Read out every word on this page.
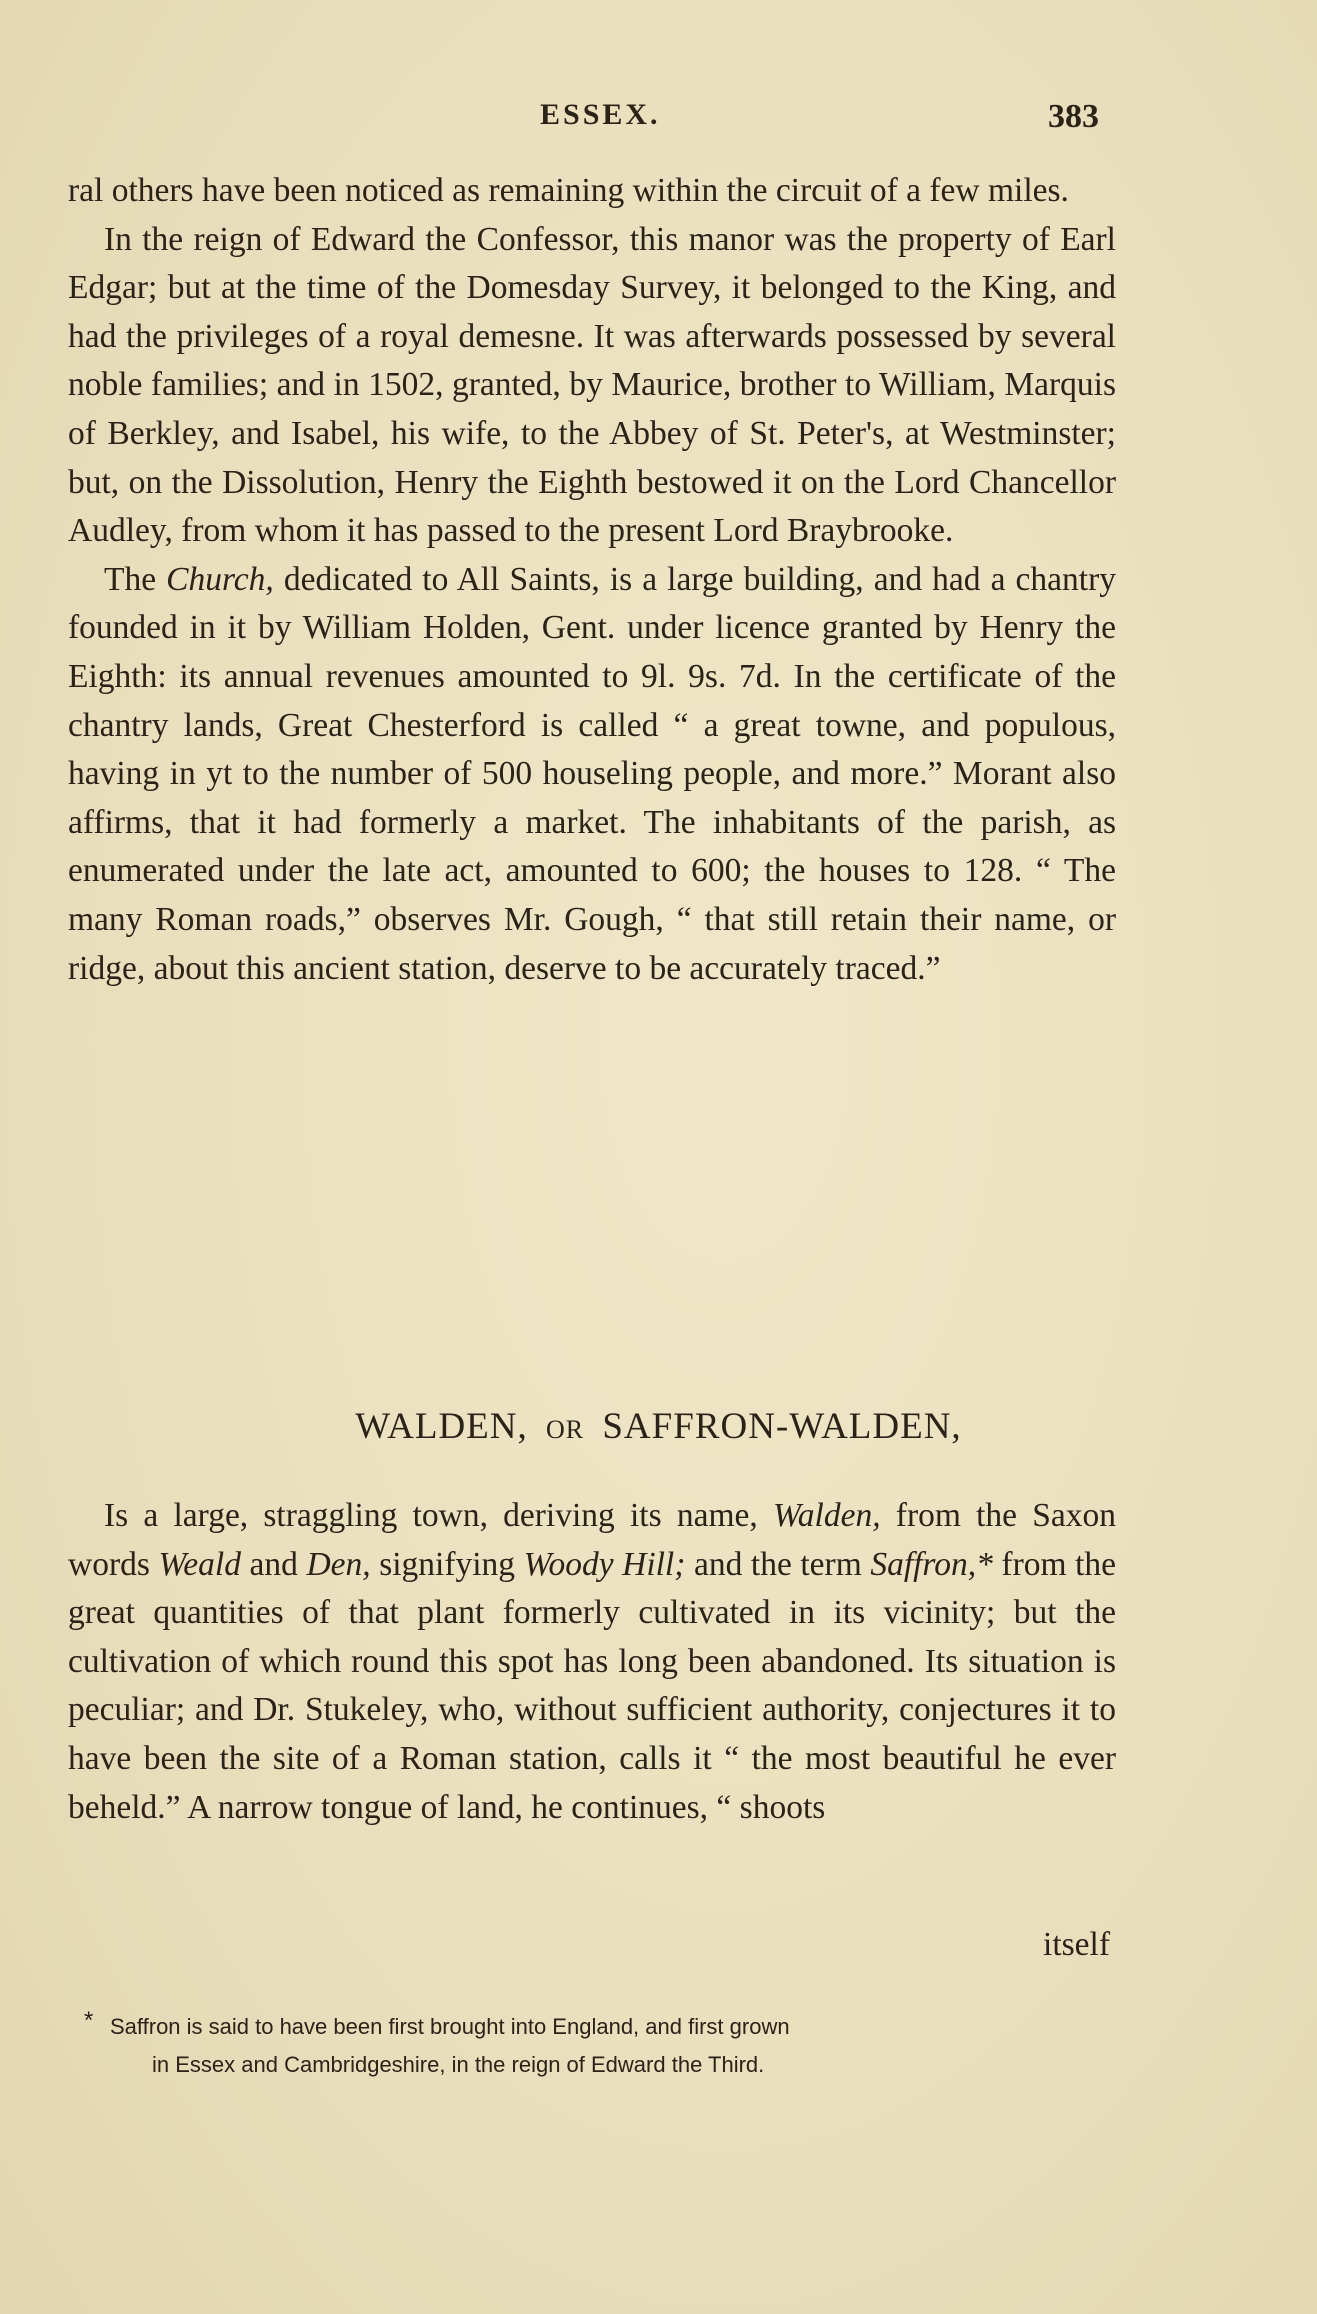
ESSEX.	383

ral others have been noticed as remaining within the circuit of a few miles.

In the reign of Edward the Confessor, this manor was the property of Earl Edgar; but at the time of the Domesday Survey, it belonged to the King, and had the privileges of a royal demesne. It was afterwards possessed by several noble families; and in 1502, granted, by Maurice, brother to William, Marquis of Berkley, and Isabel, his wife, to the Abbey of St. Peter's, at Westminster; but, on the Dissolution, Henry the Eighth bestowed it on the Lord Chancellor Audley, from whom it has passed to the present Lord Braybrooke.

The Church, dedicated to All Saints, is a large building, and had a chantry founded in it by William Holden, Gent. under licence granted by Henry the Eighth: its annual revenues amounted to 9l. 9s. 7d. In the certificate of the chantry lands, Great Chesterford is called “ a great towne, and populous, having in yt to the number of 500 houseling people, and more.” Morant also affirms, that it had formerly a market. The inhabitants of the parish, as enumerated under the late act, amounted to 600; the houses to 128. “ The many Roman roads,” observes Mr. Gough, “ that still retain their name, or ridge, about this ancient station, deserve to be accurately traced.”

WALDEN, OR SAFFRON-WALDEN,

Is a large, straggling town, deriving its name, Walden, from the Saxon words Weald and Den, signifying Woody Hill; and the term Saffron,* from the great quantities of that plant formerly cultivated in its vicinity; but the cultivation of which round this spot has long been abandoned. Its situation is peculiar; and Dr. Stukeley, who, without sufficient authority, conjectures it to have been the site of a Roman station, calls it “ the most beautiful he ever beheld.” A narrow tongue of land, he continues, “ shoots

itself
* Saffron is said to have been first brought into England, and first grown
in Essex and Cambridgeshire, in the reign of Edward the Third.
